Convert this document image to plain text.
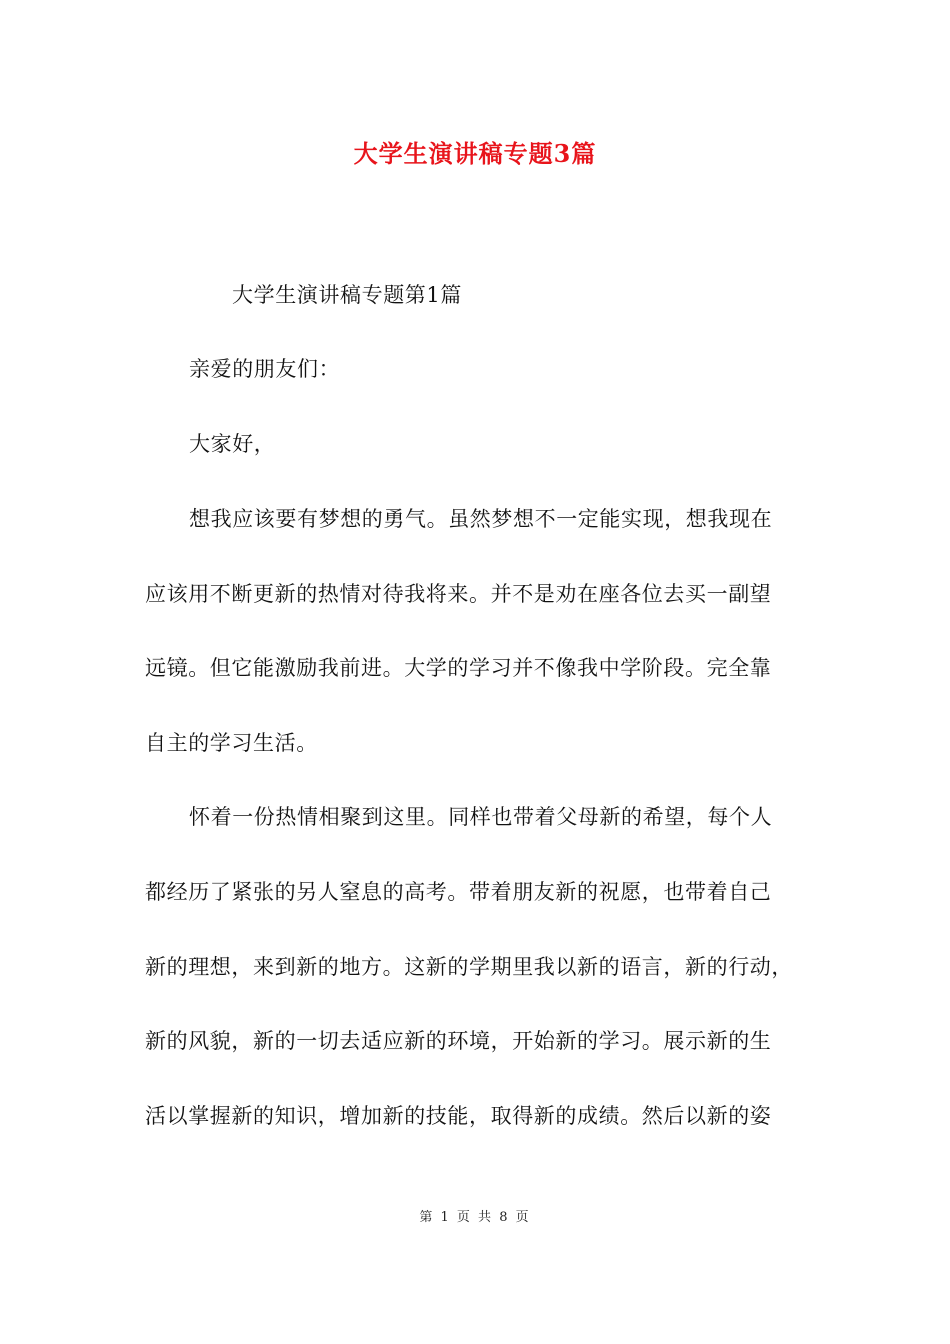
大学生演讲稿专题3篇
大学生演讲稿专题第1篇
亲爱的朋友们：
大家好，
想我应该要有梦想的勇气。虽然梦想不一定能实现，想我现在
应该用不断更新的热情对待我将来。并不是劝在座各位去买一副望
远镜。但它能激励我前进。大学的学习并不像我中学阶段。完全靠
自主的学习生活。
怀着一份热情相聚到这里。同样也带着父母新的希望，每个人
都经历了紧张的另人窒息的高考。带着朋友新的祝愿，也带着自己
新的理想，来到新的地方。这新的学期里我以新的语言，新的行动，
新的风貌，新的一切去适应新的环境，开始新的学习。展示新的生
活以掌握新的知识，增加新的技能，取得新的成绩。然后以新的姿
第 1 页 共 8 页
